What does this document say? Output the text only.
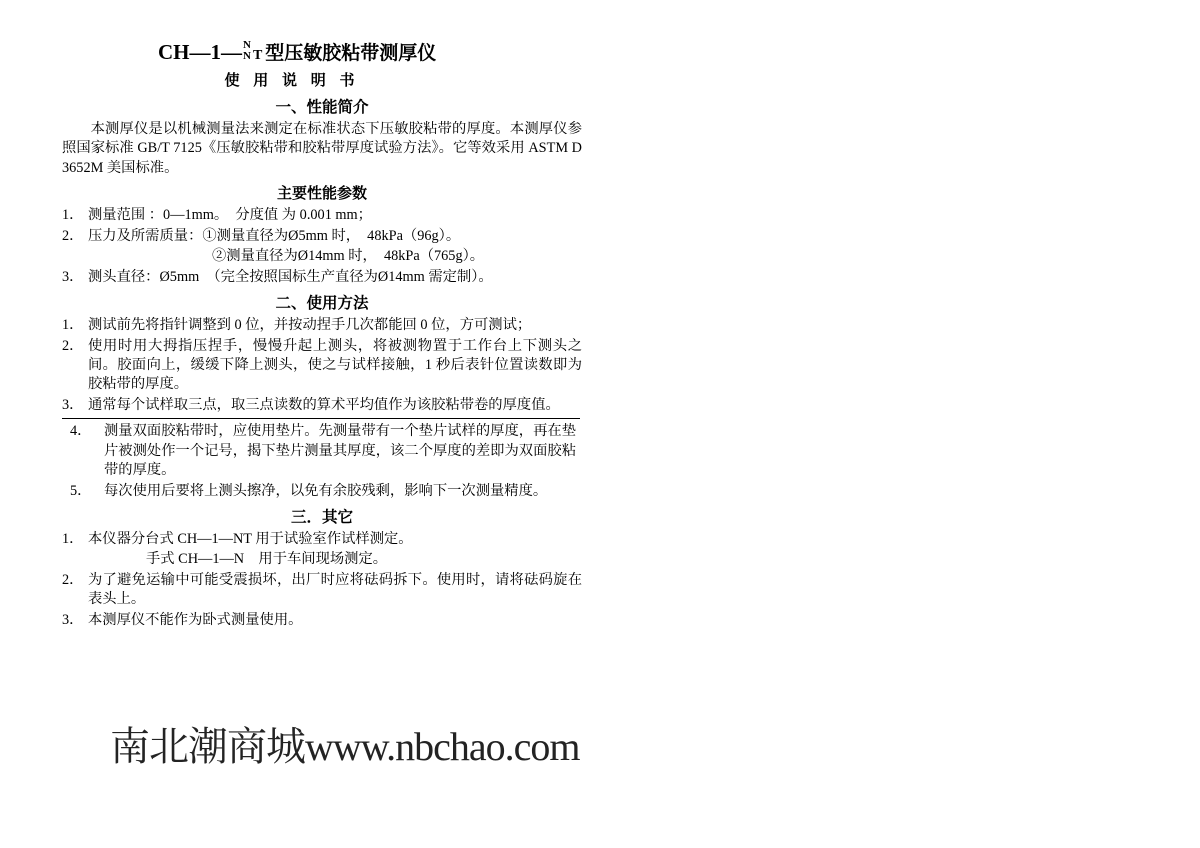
CH—1— N
N T 型压敏胶粘带测厚仪
使 用 说 明 书
一、性能简介

本测厚仪是以机械测量法来测定在标准状态下压敏胶粘带的厚度。本测厚仪参照国家标准 GB/T 7125《压敏胶粘带和胶粘带厚度试验方法》。它等效采用 ASTM D 3652M 美国标准。

主要性能参数
1． 测量范围 ：0—1mm。　分度值 为 0.001 mm；
2． 压力及所需质量：①测量直径为Ø5mm 时，　48kPa（96g）。
②测量直径为Ø14mm 时，　48kPa（765g）。
3． 测头直径：Ø5mm　（完全按照国标生产直径为Ø14mm 需定制）。
二、使用方法
1． 测试前先将指针调整到 0 位，并按动捏手几次都能回 0 位，方可测试；
2． 使用时用大拇指压捏手，慢慢升起上测头，将被测物置于工作台上下测头之间。胶面向上，缓缓下降上测头，使之与试样接触，1 秒后表针位置读数即为胶粘带的厚度。
3． 通常每个试样取三点，取三点读数的算术平均值作为该胶粘带卷的厚度值。
4． 测量双面胶粘带时，应使用垫片。先测量带有一个垫片试样的厚度，再在垫片被测处作一个记号，揭下垫片测量其厚度，该二个厚度的差即为双面胶粘带的厚度。
5． 每次使用后要将上测头擦净，以免有余胶残剩，影响下一次测量精度。
三．其它
1． 本仪器分台式 CH—1—NT 用于试验室作试样测定。
手式 CH—1—N　用于车间现场测定。
2． 为了避免运输中可能受震损坏，出厂时应将砝码拆下。使用时，请将砝码旋在表头上。
3． 本测厚仪不能作为卧式测量使用。
南北潮商城www.nbchao.com
